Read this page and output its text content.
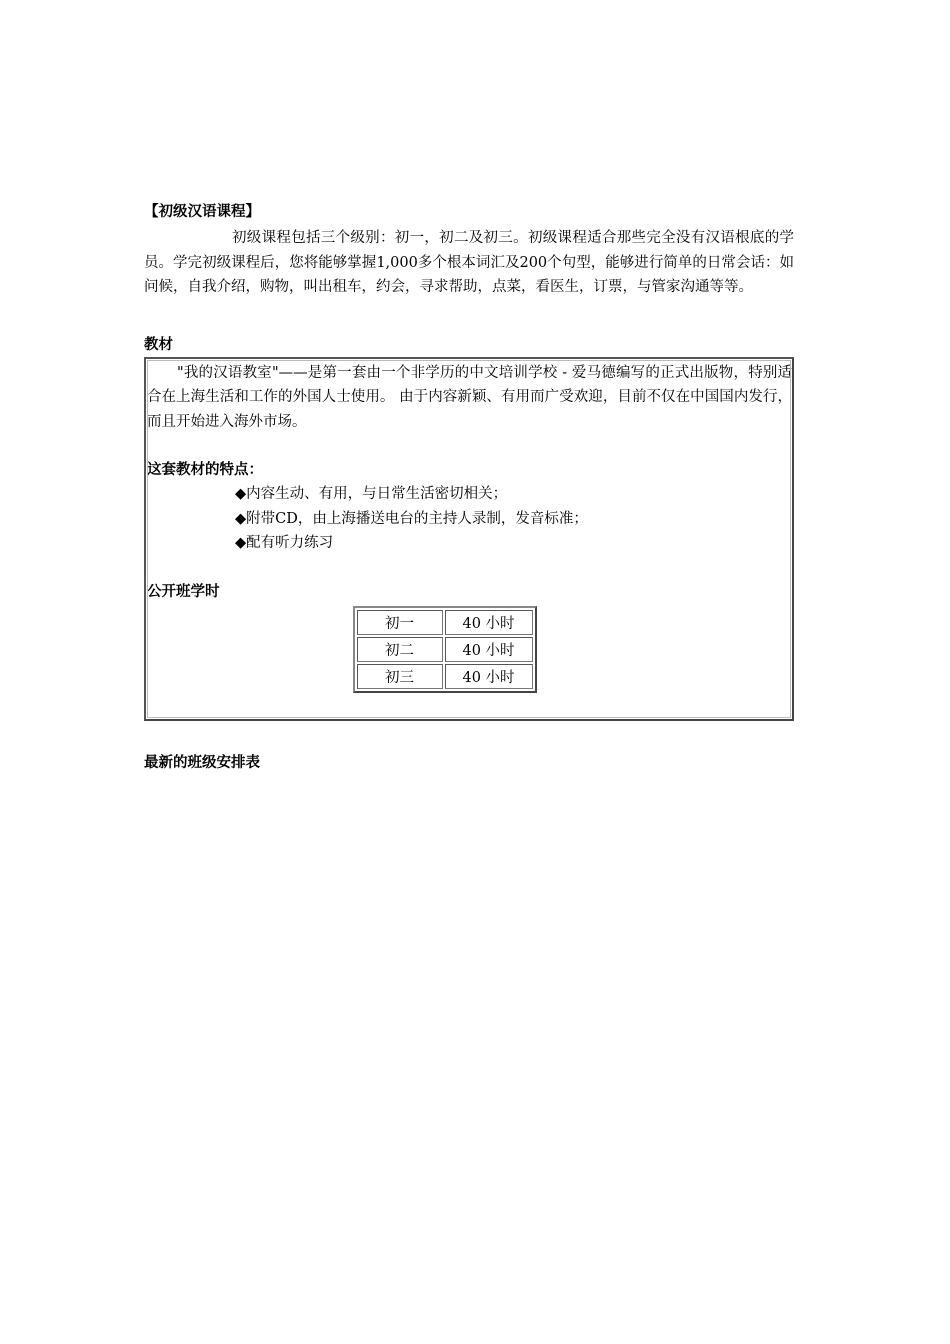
【初级汉语课程】

初级课程包括三个级别：初一，初二及初三。初级课程适合那些完全没有汉语根底的学员。学完初级课程后，您将能够掌握1,000多个根本词汇及200个句型，能够进行简单的日常会话：如问候，自我介绍，购物，叫出租车，约会，寻求帮助，点菜，看医生，订票，与管家沟通等等。

教材

"我的汉语教室"——是第一套由一个非学历的中文培训学校 - 爱马德编写的正式出版物，特别适合在上海生活和工作的外国人士使用。 由于内容新颖、有用而广受欢迎，目前不仅在中国国内发行，而且开始进入海外市场。

这套教材的特点：
◆内容生动、有用，与日常生活密切相关；
◆附带CD，由上海播送电台的主持人录制，发音标准；
◆配有听力练习
公开班学时
初一	40 小时
初二	40 小时
初三	40 小时
最新的班级安排表
